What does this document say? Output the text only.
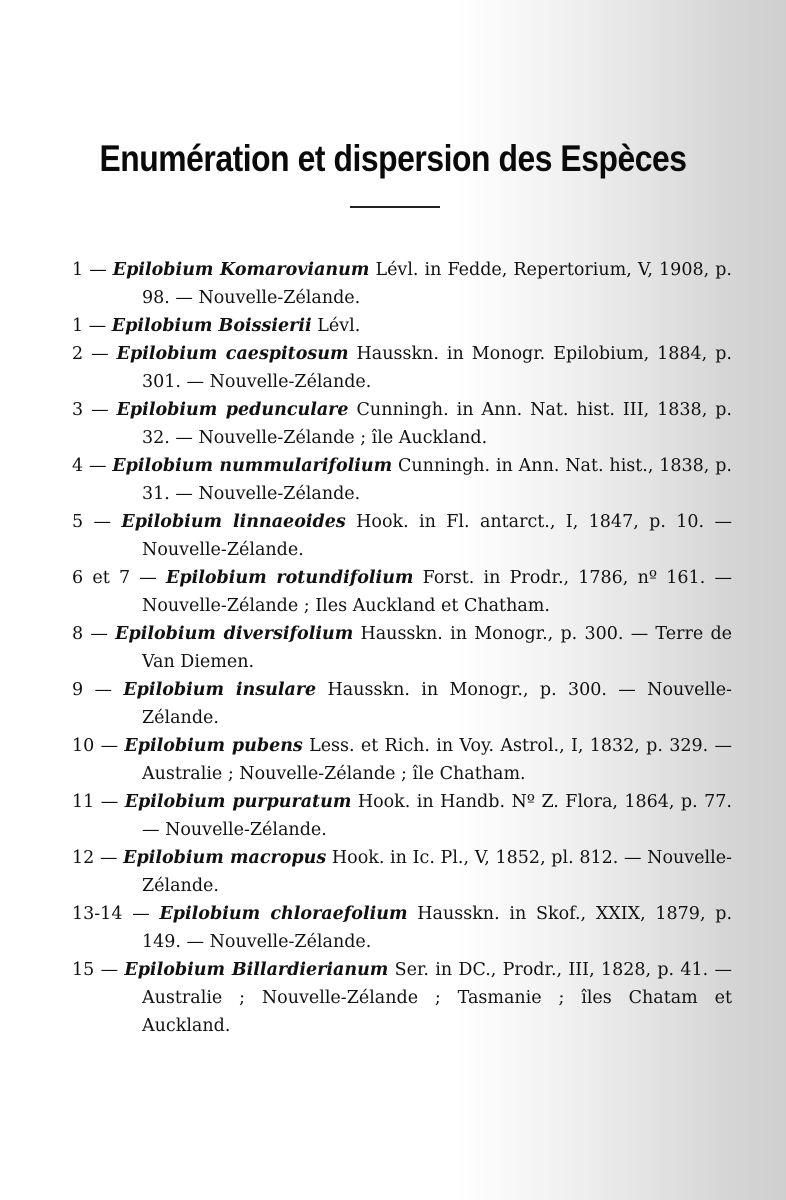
Enumération et dispersion des Espèces

1 — Epilobium Komarovianum Lévl. in Fedde, Repertorium, V, 1908, p. 98. — Nouvelle-Zélande.

1 — Epilobium Boissierii Lévl.

2 — Epilobium caespitosum Hausskn. in Monogr. Epilobium, 1884, p. 301. — Nouvelle-Zélande.

3 — Epilobium pedunculare Cunningh. in Ann. Nat. hist. III, 1838, p. 32. — Nouvelle-Zélande ; île Auckland.

4 — Epilobium nummularifolium Cunningh. in Ann. Nat. hist., 1838, p. 31. — Nouvelle-Zélande.

5 — Epilobium linnaeoides Hook. in Fl. antarct., I, 1847, p. 10. — Nouvelle-Zélande.

6 et 7 — Epilobium rotundifolium Forst. in Prodr., 1786, nº 161. — Nouvelle-Zélande ; Iles Auckland et Chatham.

8 — Epilobium diversifolium Hausskn. in Monogr., p. 300. — Terre de Van Diemen.

9 — Epilobium insulare Hausskn. in Monogr., p. 300. — Nouvelle-Zélande.

10 — Epilobium pubens Less. et Rich. in Voy. Astrol., I, 1832, p. 329. — Australie ; Nouvelle-Zélande ; île Chatham.

11 — Epilobium purpuratum Hook. in Handb. Nº Z. Flora, 1864, p. 77. — Nouvelle-Zélande.

12 — Epilobium macropus Hook. in Ic. Pl., V, 1852, pl. 812. — Nouvelle-Zélande.

13-14 — Epilobium chloraefolium Hausskn. in Skof., XXIX, 1879, p. 149. — Nouvelle-Zélande.

15 — Epilobium Billardierianum Ser. in DC., Prodr., III, 1828, p. 41. — Australie ; Nouvelle-Zélande ; Tasmanie ; îles Chatam et Auckland.
